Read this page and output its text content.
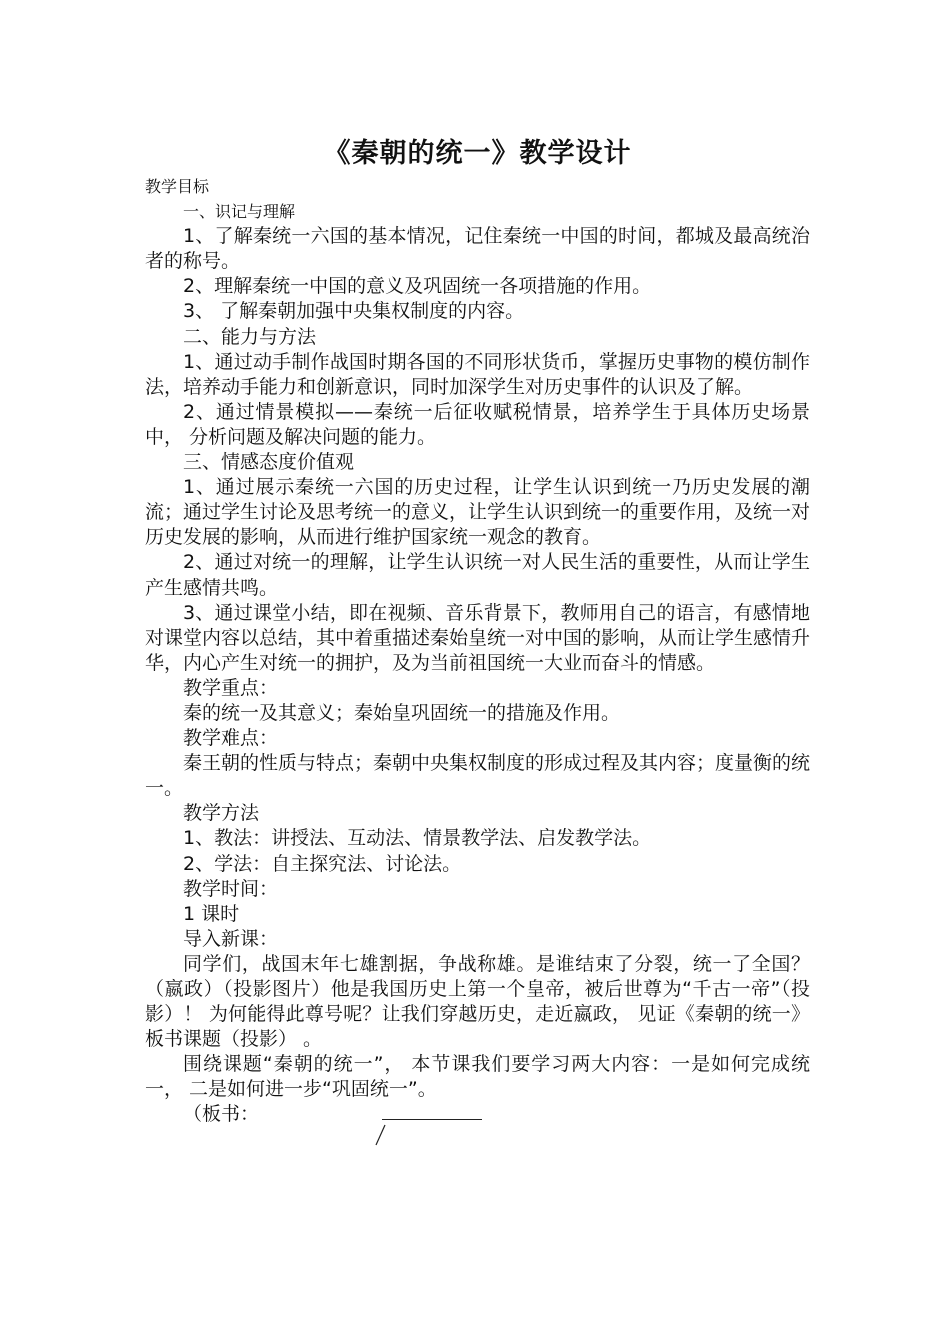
《秦朝的统一》教学设计

教学目标

一、识记与理解

1、了解秦统一六国的基本情况，记住秦统一中国的时间，都城及最高统治者的称号。

2、理解秦统一中国的意义及巩固统一各项措施的作用。

3、 了解秦朝加强中央集权制度的内容。

二、能力与方法

1、通过动手制作战国时期各国的不同形状货币，掌握历史事物的模仿制作法，培养动手能力和创新意识，同时加深学生对历史事件的认识及了解。

2、通过情景模拟——秦统一后征收赋税情景，培养学生于具体历史场景中， 分析问题及解决问题的能力。

三、情感态度价值观

1、通过展示秦统一六国的历史过程，让学生认识到统一乃历史发展的潮流；通过学生讨论及思考统一的意义，让学生认识到统一的重要作用，及统一对历史发展的影响，从而进行维护国家统一观念的教育。

2、通过对统一的理解，让学生认识统一对人民生活的重要性，从而让学生产生感情共鸣。

3、通过课堂小结，即在视频、音乐背景下，教师用自己的语言，有感情地对课堂内容以总结，其中着重描述秦始皇统一对中国的影响，从而让学生感情升华，内心产生对统一的拥护，及为当前祖国统一大业而奋斗的情感。

教学重点：

秦的统一及其意义；秦始皇巩固统一的措施及作用。

教学难点：

秦王朝的性质与特点；秦朝中央集权制度的形成过程及其内容；度量衡的统一。

教学方法

1、教法：讲授法、互动法、情景教学法、启发教学法。

2、学法：自主探究法、讨论法。

教学时间：

1 课时

导入新课：

同学们，战国末年七雄割据，争战称雄。是谁结束了分裂，统一了全国？（嬴政）（投影图片）他是我国历史上第一个皇帝，被后世尊为“千古一帝”（投影）！ 为何能得此尊号呢？让我们穿越历史，走近嬴政， 见证《秦朝的统一》板书课题（投影） 。

围绕课题“秦朝的统一”， 本节课我们要学习两大内容：一是如何完成统一， 二是如何进一步“巩固统一”。

（板书：
